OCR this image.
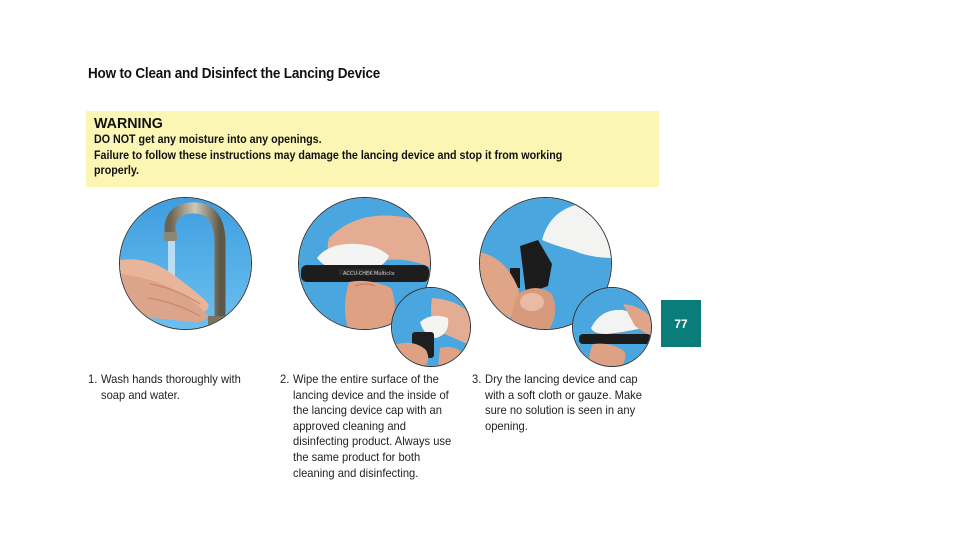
How to Clean and Disinfect the Lancing Device
WARNING
DO NOT get any moisture into any openings.
Failure to follow these instructions may damage the lancing device and stop it from working
properly.
ACCU-CHEK Multiclix
1. Wash hands thoroughly with soap and water.
2. Wipe the entire surface of the lancing device and the inside of the lancing device cap with an approved cleaning and disinfecting product. Always use the same product for both cleaning and disinfecting.
3. Dry the lancing device and cap with a soft cloth or gauze. Make sure no solution is seen in any opening.
77
